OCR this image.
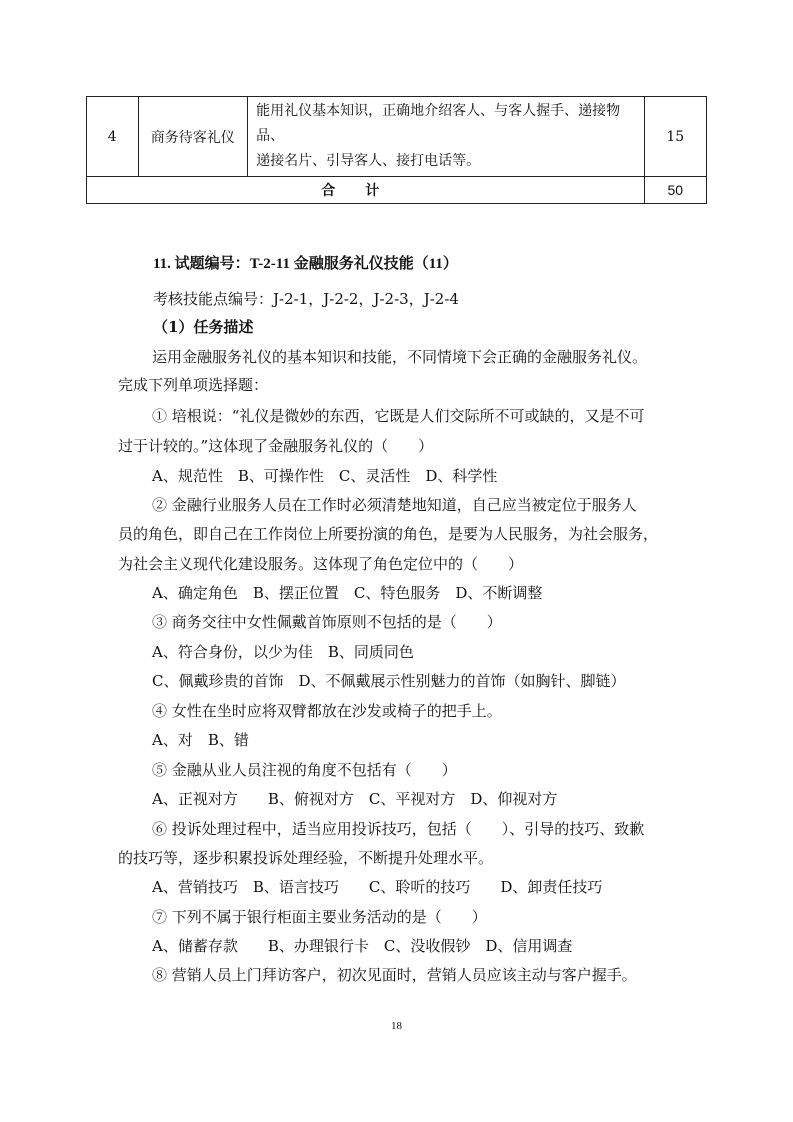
4	商务待客礼仪	能用礼仪基本知识，正确地介绍客人、与客人握手、递接物品、
递接名片、引导客人、接打电话等。	15
合计			50
11. 试题编号：T-2-11 金融服务礼仪技能（11）
考核技能点编号：J-2-1，J-2-2，J-2-3，J-2-4
（1）任务描述
运用金融服务礼仪的基本知识和技能，不同情境下会正确的金融服务礼仪。
完成下列单项选择题：
① 培根说：“礼仪是微妙的东西，它既是人们交际所不可或缺的，又是不可
过于计较的。”这体现了金融服务礼仪的（　　）
A、规范性　B、可操作性　C、灵活性　D、科学性
② 金融行业服务人员在工作时必须清楚地知道，自己应当被定位于服务人
员的角色，即自己在工作岗位上所要扮演的角色，是要为人民服务，为社会服务，
为社会主义现代化建设服务。这体现了角色定位中的（　　）
A、确定角色　B、摆正位置　C、特色服务　D、不断调整
③ 商务交往中女性佩戴首饰原则不包括的是（　　）
A、符合身份，以少为佳　B、同质同色
C、佩戴珍贵的首饰　D、不佩戴展示性别魅力的首饰（如胸针、脚链）
④ 女性在坐时应将双臂都放在沙发或椅子的把手上。
A、对　B、错
⑤ 金融从业人员注视的角度不包括有（　　）
A、正视对方　　B、俯视对方　C、平视对方　D、仰视对方
⑥ 投诉处理过程中，适当应用投诉技巧，包括（　　）、引导的技巧、致歉
的技巧等，逐步积累投诉处理经验，不断提升处理水平。
A、营销技巧　B、语言技巧　　C、聆听的技巧　　D、卸责任技巧
⑦ 下列不属于银行柜面主要业务活动的是（　　）
A、储蓄存款　　B、办理银行卡　C、没收假钞　D、信用调查
⑧ 营销人员上门拜访客户，初次见面时，营销人员应该主动与客户握手。
18
